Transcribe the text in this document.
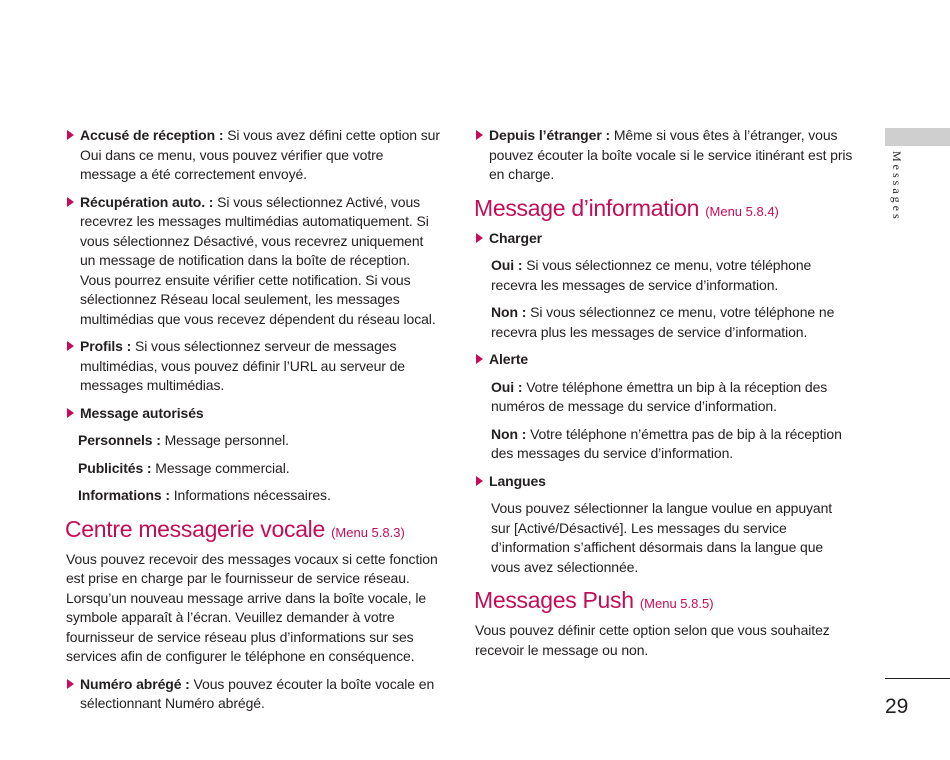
Accusé de réception : Si vous avez défini cette option sur Oui dans ce menu, vous pouvez vérifier que votre message a été correctement envoyé.
Récupération auto. : Si vous sélectionnez Activé, vous recevrez les messages multimédias automatiquement. Si vous sélectionnez Désactivé, vous recevrez uniquement un message de notification dans la boîte de réception. Vous pourrez ensuite vérifier cette notification. Si vous sélectionnez Réseau local seulement, les messages multimédias que vous recevez dépendent du réseau local.
Profils : Si vous sélectionnez serveur de messages multimédias, vous pouvez définir l’URL au serveur de messages multimédias.
Message autorisés

Personnels : Message personnel.

Publicités : Message commercial.

Informations : Informations nécessaires.

Centre messagerie vocale (Menu 5.8.3)

Vous pouvez recevoir des messages vocaux si cette fonction est prise en charge par le fournisseur de service réseau. Lorsqu’un nouveau message arrive dans la boîte vocale, le symbole apparaît à l’écran. Veuillez demander à votre fournisseur de service réseau plus d’informations sur ses services afin de configurer le téléphone en conséquence.

Numéro abrégé : Vous pouvez écouter la boîte vocale en sélectionnant Numéro abrégé.
Depuis l’étranger : Même si vous êtes à l’étranger, vous pouvez écouter la boîte vocale si le service itinérant est pris en charge.
Message d’information (Menu 5.8.4)
Charger

Oui : Si vous sélectionnez ce menu, votre téléphone recevra les messages de service d’information.

Non : Si vous sélectionnez ce menu, votre téléphone ne recevra plus les messages de service d’information.

Alerte

Oui : Votre téléphone émettra un bip à la réception des numéros de message du service d’information.

Non : Votre téléphone n’émettra pas de bip à la réception des messages du service d’information.

Langues

Vous pouvez sélectionner la langue voulue en appuyant sur [Activé/Désactivé]. Les messages du service d’information s’affichent désormais dans la langue que vous avez sélectionnée.

Messages Push (Menu 5.8.5)

Vous pouvez définir cette option selon que vous souhaitez recevoir le message ou non.

Messages
29
